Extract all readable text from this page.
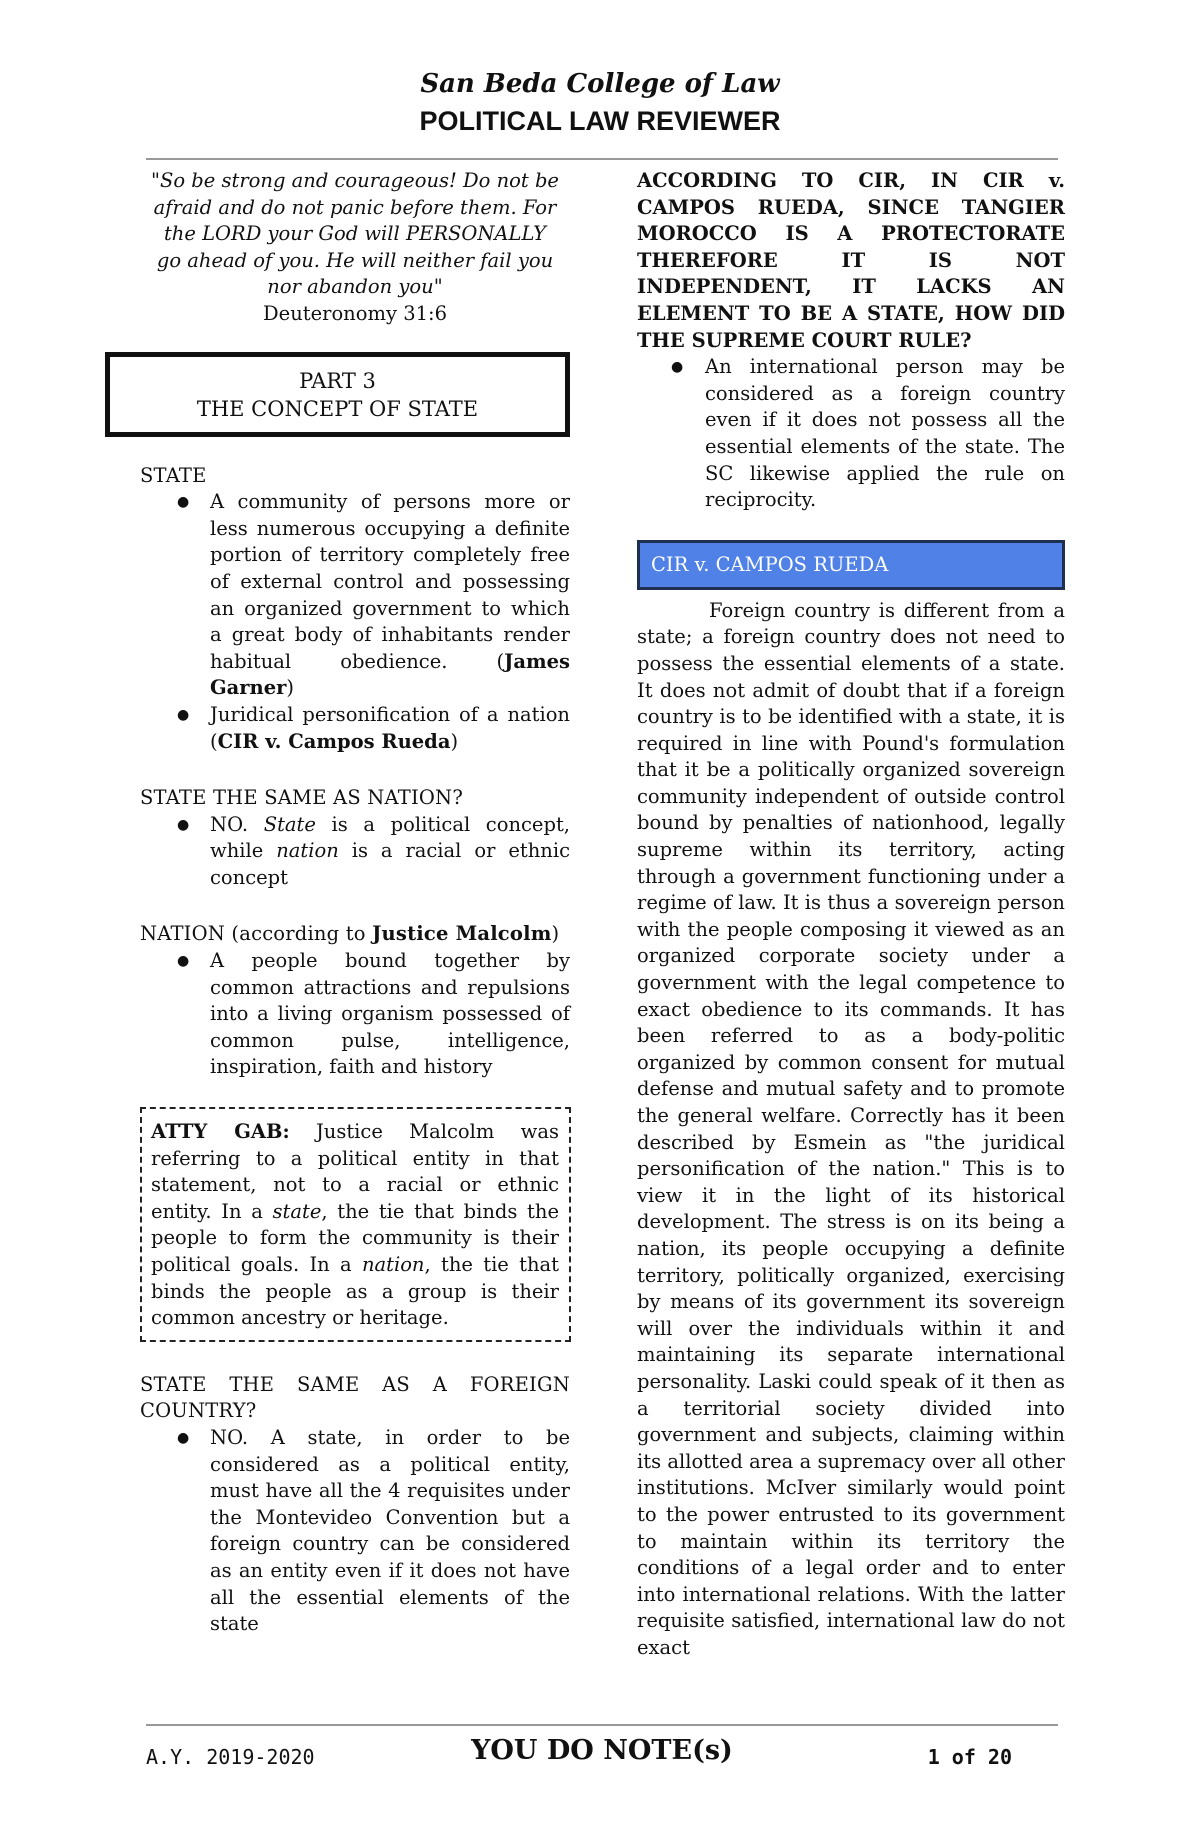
San Beda College of Law
POLITICAL LAW REVIEWER
"So be strong and courageous! Do not be afraid and do not panic before them. For the LORD your God will PERSONALLY go ahead of you. He will neither fail you nor abandon you"
Deuteronomy 31:6
PART 3
THE CONCEPT OF STATE
STATE
● A community of persons more or less numerous occupying a definite portion of territory completely free of external control and possessing an organized government to which a great body of inhabitants render habitual obedience. (James Garner)
● Juridical personification of a nation (CIR v. Campos Rueda)
STATE THE SAME AS NATION?
● NO. State is a political concept, while nation is a racial or ethnic concept
NATION (according to Justice Malcolm)
● A people bound together by common attractions and repulsions into a living organism possessed of common pulse, intelligence, inspiration, faith and history
ATTY GAB: Justice Malcolm was referring to a political entity in that statement, not to a racial or ethnic entity. In a state, the tie that binds the people to form the community is their political goals. In a nation, the tie that binds the people as a group is their common ancestry or heritage.
STATE THE SAME AS A FOREIGN COUNTRY?
● NO. A state, in order to be considered as a political entity, must have all the 4 requisites under the Montevideo Convention but a foreign country can be considered as an entity even if it does not have all the essential elements of the state
ACCORDING TO CIR, IN CIR v. CAMPOS RUEDA, SINCE TANGIER MOROCCO IS A PROTECTORATE THEREFORE IT IS NOT INDEPENDENT, IT LACKS AN ELEMENT TO BE A STATE, HOW DID THE SUPREME COURT RULE?
● An international person may be considered as a foreign country even if it does not possess all the essential elements of the state. The SC likewise applied the rule on reciprocity.
CIR v. CAMPOS RUEDA
Foreign country is different from a state; a foreign country does not need to possess the essential elements of a state. It does not admit of doubt that if a foreign country is to be identified with a state, it is required in line with Pound's formulation that it be a politically organized sovereign community independent of outside control bound by penalties of nationhood, legally supreme within its territory, acting through a government functioning under a regime of law. It is thus a sovereign person with the people composing it viewed as an organized corporate society under a government with the legal competence to exact obedience to its commands. It has been referred to as a body-politic organized by common consent for mutual defense and mutual safety and to promote the general welfare. Correctly has it been described by Esmein as "the juridical personification of the nation." This is to view it in the light of its historical development. The stress is on its being a nation, its people occupying a definite territory, politically organized, exercising by means of its government its sovereign will over the individuals within it and maintaining its separate international personality. Laski could speak of it then as a territorial society divided into government and subjects, claiming within its allotted area a supremacy over all other institutions. McIver similarly would point to the power entrusted to its government to maintain within its territory the conditions of a legal order and to enter into international relations. With the latter requisite satisfied, international law do not exact
A.Y. 2019-2020	YOU DO NOTE(s)	1 of 20
